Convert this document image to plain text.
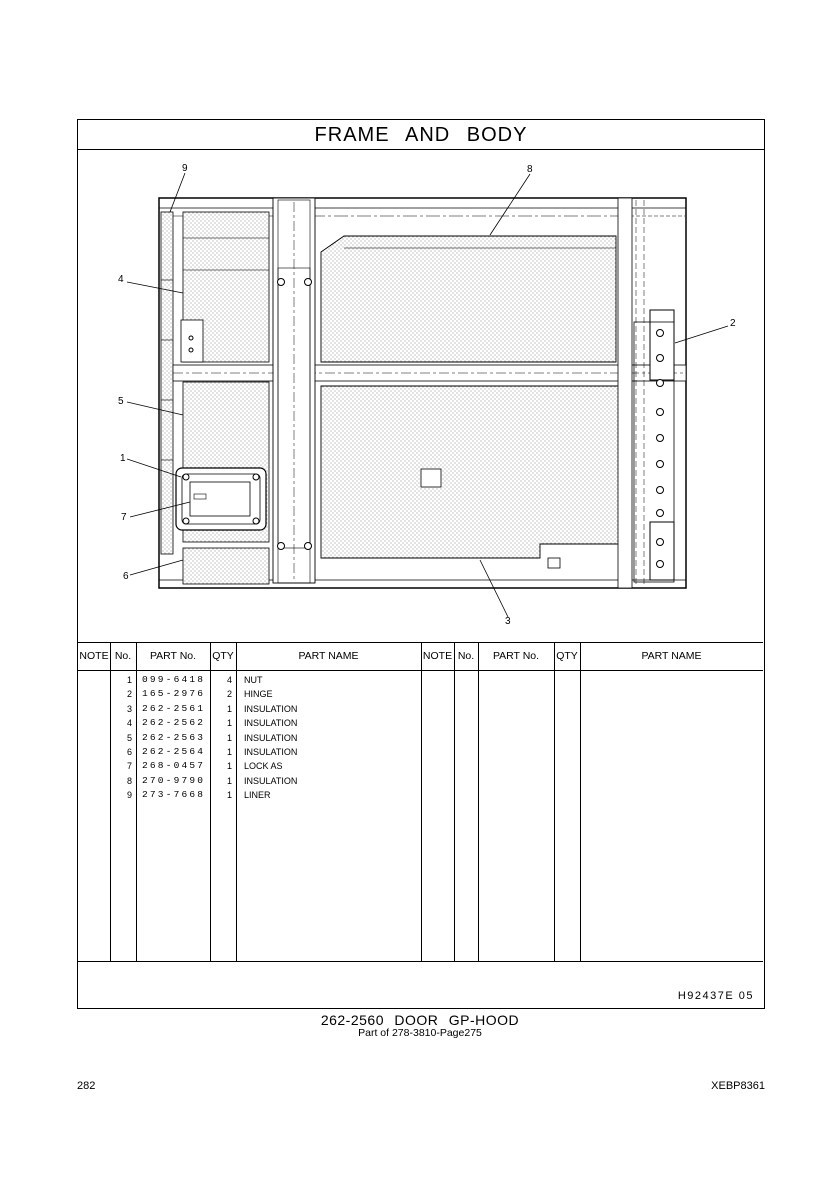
FRAME AND BODY
9	8
2
4
5
1
7
6
3
NOTE No.	PART No.	QTY	PART NAME	NOTE No.	PART No.	QTY	PART NAME
1 099-6418	4 NUT
2 165-2976	2 HINGE
3 262-2561	1 INSULATION
4 262-2562	1 INSULATION
5 262-2563	1 INSULATION
6 262-2564	1 INSULATION
7 268-0457	1 LOCK AS
8 270-9790	1 INSULATION
9 273-7668	1 LINER
H92437E 05
262-2560 DOOR GP-HOOD
Part of 278-3810-Page275
282	XEBP8361
